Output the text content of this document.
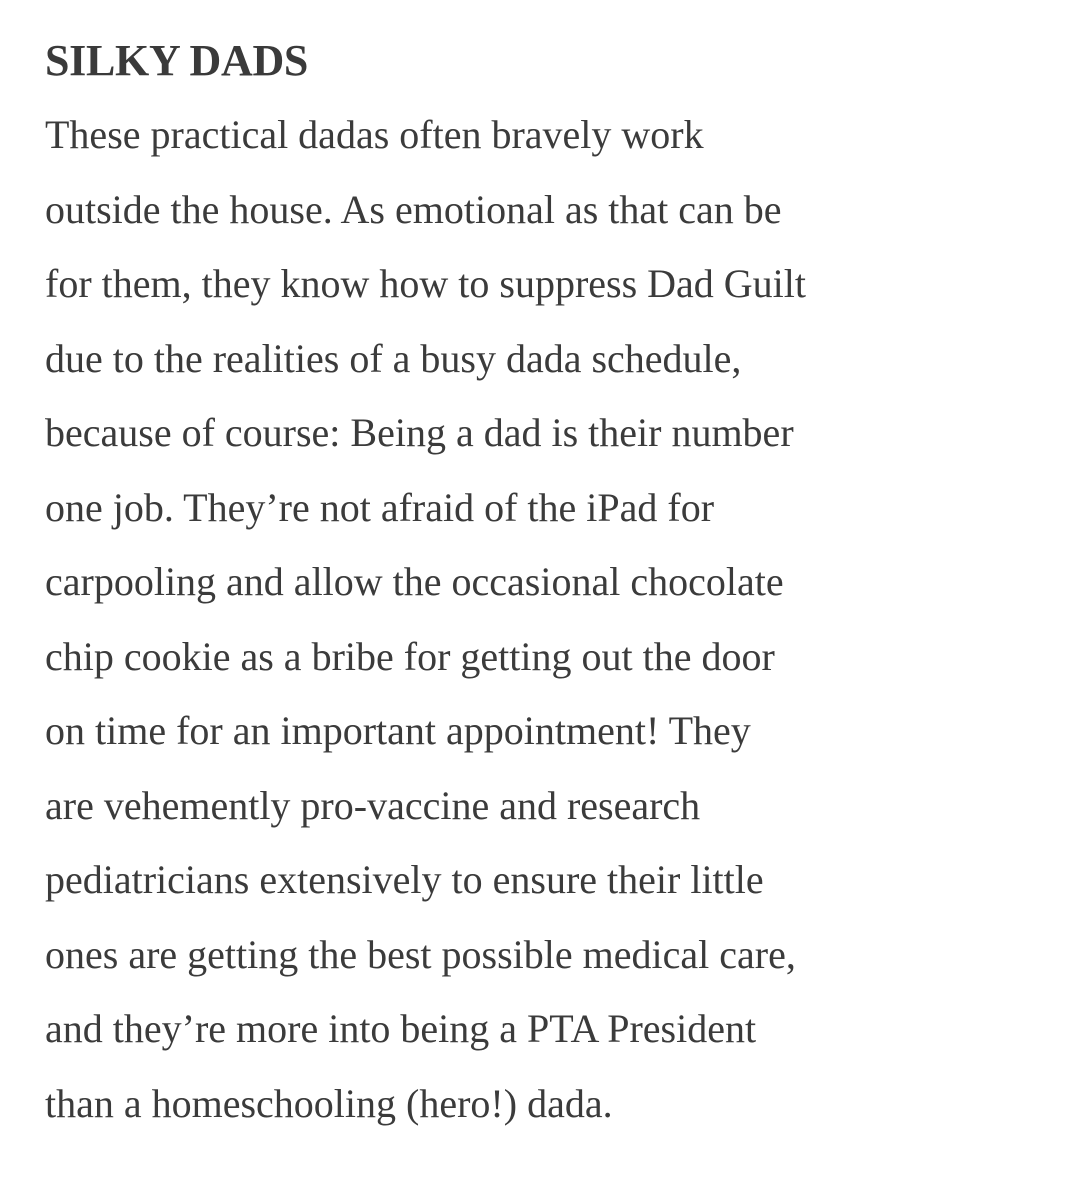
SILKY DADS

These practical dadas often bravely work
outside the house. As emotional as that can be
for them, they know how to suppress Dad Guilt
due to the realities of a busy dada schedule,
because of course: Being a dad is their number
one job. They’re not afraid of the iPad for
carpooling and allow the occasional chocolate
chip cookie as a bribe for getting out the door
on time for an important appointment! They
are vehemently pro-vaccine and research
pediatricians extensively to ensure their little
ones are getting the best possible medical care,
and they’re more into being a PTA President
than a homeschooling (hero!) dada.
